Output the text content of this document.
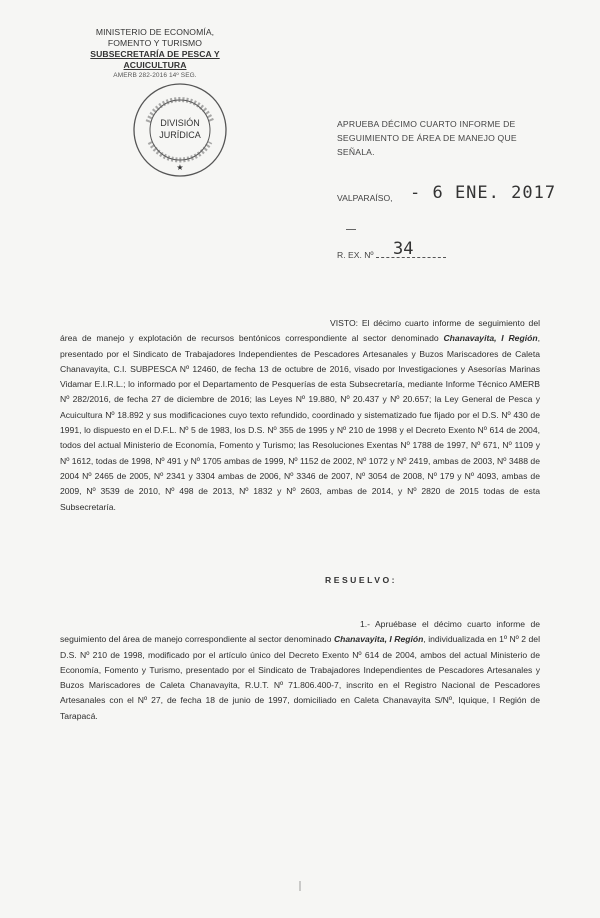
MINISTERIO DE ECONOMÍA,
FOMENTO Y TURISMO
SUBSECRETARÍA DE PESCA Y ACUICULTURA
AMERB 282-2016 14º SEG.
DIVISIÓN
JURÍDICA
★
APRUEBA DÉCIMO CUARTO INFORME DE
SEGUIMIENTO DE ÁREA DE MANEJO QUE SEÑALA.
VALPARAÍSO, - 6 ENE. 2017
R. EX. Nº	34
VISTO: El décimo cuarto informe de seguimiento del área de manejo y explotación de recursos bentónicos correspondiente al sector denominado Chanavayita, I Región, presentado por el Sindicato de Trabajadores Independientes de Pescadores Artesanales y Buzos Mariscadores de Caleta Chanavayita, C.I. SUBPESCA Nº 12460, de fecha 13 de octubre de 2016, visado por Investigaciones y Asesorías Marinas Vidamar E.I.R.L.; lo informado por el Departamento de Pesquerías de esta Subsecretaría, mediante Informe Técnico AMERB Nº 282/2016, de fecha 27 de diciembre de 2016; las Leyes Nº 19.880, Nº 20.437 y Nº 20.657; la Ley General de Pesca y Acuicultura Nº 18.892 y sus modificaciones cuyo texto refundido, coordinado y sistematizado fue fijado por el D.S. Nº 430 de 1991, lo dispuesto en el D.F.L. Nº 5 de 1983, los D.S. Nº 355 de 1995 y Nº 210 de 1998 y el Decreto Exento Nº 614 de 2004, todos del actual Ministerio de Economía, Fomento y Turismo; las Resoluciones Exentas Nº 1788 de 1997, Nº 671, Nº 1109 y Nº 1612, todas de 1998, Nº 491 y Nº 1705 ambas de 1999, Nº 1152 de 2002, Nº 1072 y Nº 2419, ambas de 2003, Nº 3488 de 2004 Nº 2465 de 2005, Nº 2341 y 3304 ambas de 2006, Nº 3346 de 2007, Nº 3054 de 2008, Nº 179 y Nº 4093, ambas de 2009, Nº 3539 de 2010, Nº 498 de 2013, Nº 1832 y Nº 2603, ambas de 2014, y Nº 2820 de 2015 todas de esta Subsecretaría.
RESUELVO:
1.- Apruébase el décimo cuarto informe de seguimiento del área de manejo correspondiente al sector denominado Chanavayita, I Región, individualizada en 1º Nº 2 del D.S. Nº 210 de 1998, modificado por el artículo único del Decreto Exento Nº 614 de 2004, ambos del actual Ministerio de Economía, Fomento y Turismo, presentado por el Sindicato de Trabajadores Independientes de Pescadores Artesanales y Buzos Mariscadores de Caleta Chanavayita, R.U.T. Nº 71.806.400-7, inscrito en el Registro Nacional de Pescadores Artesanales con el Nº 27, de fecha 18 de junio de 1997, domiciliado en Caleta Chanavayita S/Nº, Iquique, I Región de Tarapacá.
